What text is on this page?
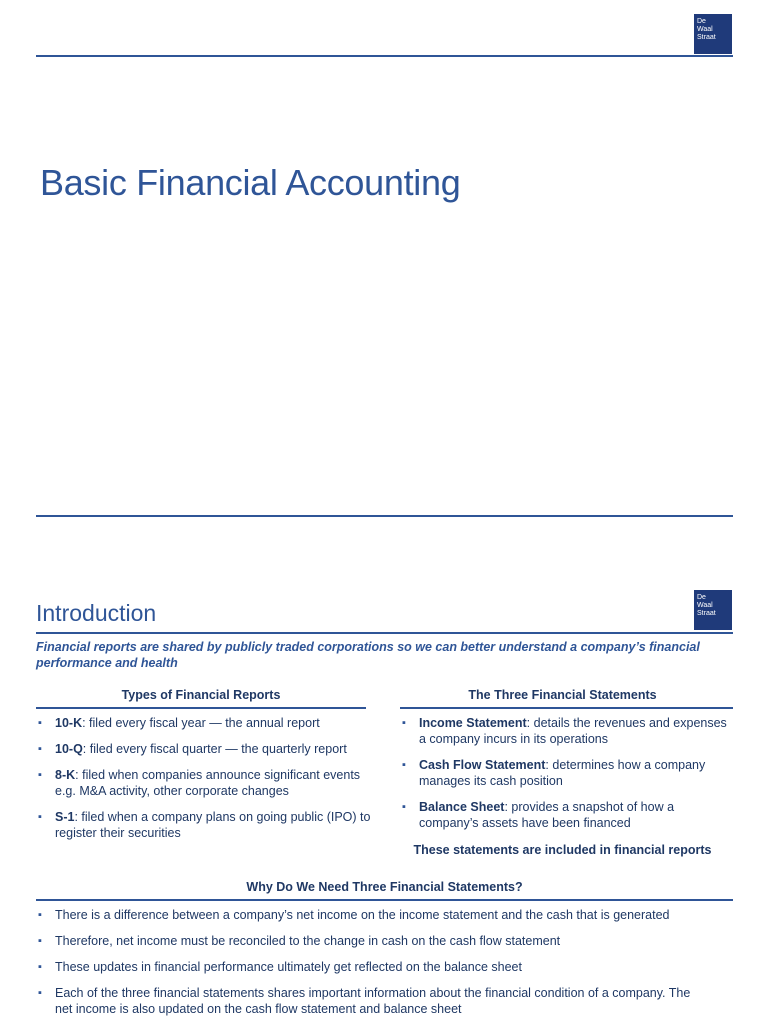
De
Waal
Straat
Basic Financial Accounting
Introduction
De
Waal
Straat

Financial reports are shared by publicly traded corporations so we can better understand a company’s financial performance and health

Types of Financial Reports

▪ 10-K: filed every fiscal year — the annual report
▪ 10-Q: filed every fiscal quarter — the quarterly report
▪ 8-K: filed when companies announce significant events e.g. M&A activity, other corporate changes
▪ S-1: filed when a company plans on going public (IPO) to register their securities

The Three Financial Statements

▪ Income Statement: details the revenues and expenses a company incurs in its operations
▪ Cash Flow Statement: determines how a company manages its cash position
▪ Balance Sheet: provides a snapshot of how a company’s assets have been financed

These statements are included in financial reports

Why Do We Need Three Financial Statements?

▪ There is a difference between a company’s net income on the income statement and the cash that is generated
▪ Therefore, net income must be reconciled to the change in cash on the cash flow statement
▪ These updates in financial performance ultimately get reflected on the balance sheet
▪ Each of the three financial statements shares important information about the financial condition of a company. The net income is also updated on the cash flow statement and balance sheet
